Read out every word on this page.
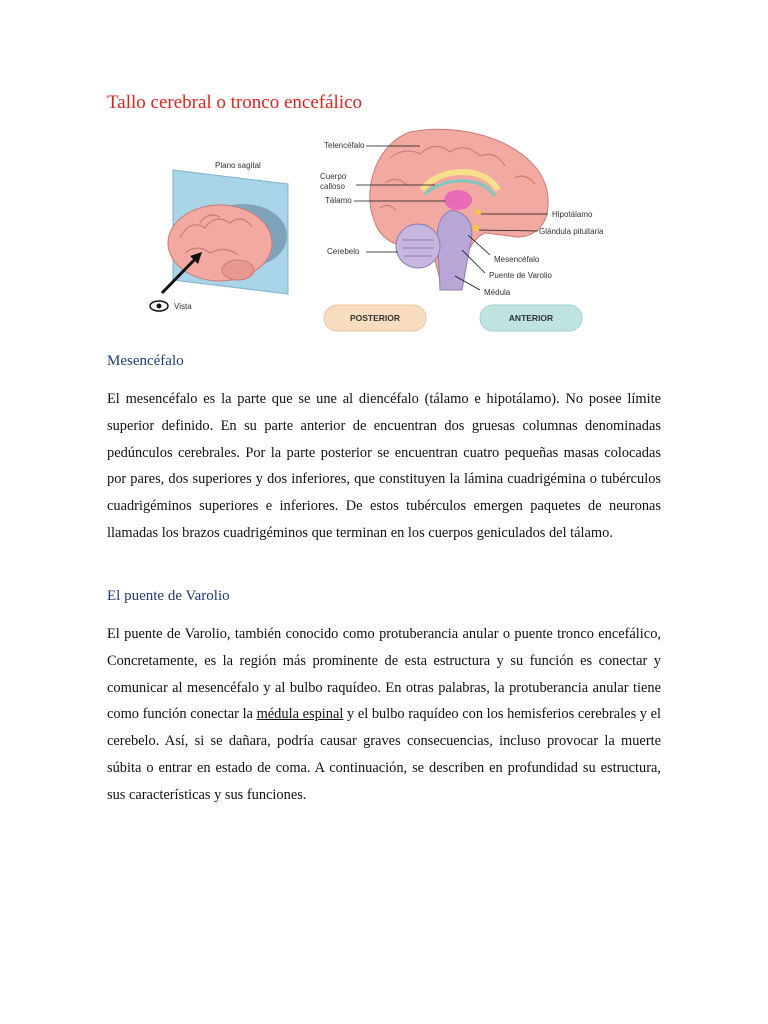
Tallo cerebral o tronco encefálico
Plano sagital
Vista
Telencéfalo
Cuerpo
calloso
Tálamo
Cerebelo
Hipotálamo
Glándula pituitaria
Mesencéfalo
Puente de Varolio
Médula
POSTERIOR	ANTERIOR
Mesencéfalo

El mesencéfalo es la parte que se une al diencéfalo (tálamo e hipotálamo). No posee límite superior definido. En su parte anterior de encuentran dos gruesas columnas denominadas pedúnculos cerebrales. Por la parte posterior se encuentran cuatro pequeñas masas colocadas por pares, dos superiores y dos inferiores, que constituyen la lámina cuadrigémina o tubérculos cuadrigéminos superiores e inferiores. De estos tubérculos emergen paquetes de neuronas llamadas los brazos cuadrigéminos que terminan en los cuerpos geniculados del tálamo.

El puente de Varolio

El puente de Varolio, también conocido como protuberancia anular o puente tronco encefálico, Concretamente, es la región más prominente de esta estructura y su función es conectar y comunicar al mesencéfalo y al bulbo raquídeo. En otras palabras, la protuberancia anular tiene como función conectar la médula espinal y el bulbo raquídeo con los hemisferios cerebrales y el cerebelo. Así, si se dañara, podría causar graves consecuencias, incluso provocar la muerte súbita o entrar en estado de coma. A continuación, se describen en profundidad su estructura, sus características y sus funciones.
